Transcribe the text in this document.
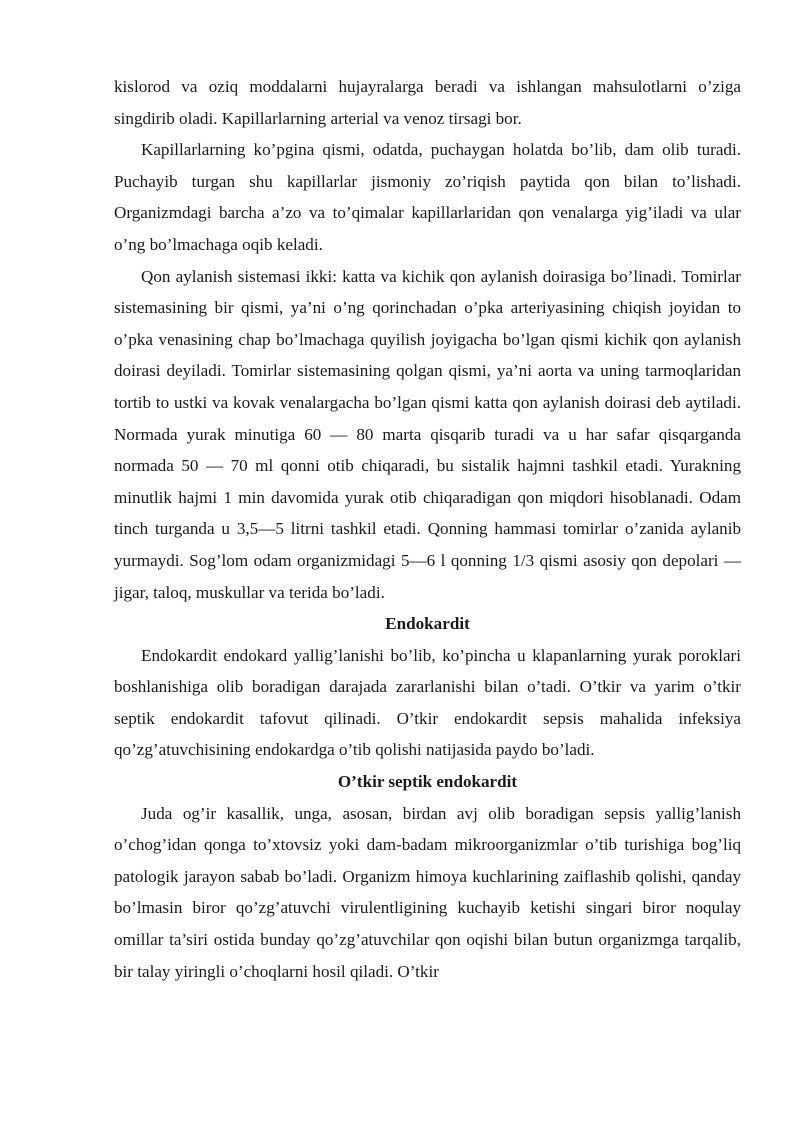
kislorod va oziq moddalarni hujayralarga beradi va ishlangan mahsulotlarni o’ziga singdirib oladi. Kapillarlarning arterial va venoz tirsagi bor.

Kapillarlarning ko’pgina qismi, odatda, puchaygan holatda bo’lib, dam olib turadi. Puchayib turgan shu kapillarlar jismoniy zo’riqish paytida qon bilan to’lishadi. Organizmdagi barcha a’zo va to’qimalar kapillarlaridan qon venalarga yig’iladi va ular o’ng bo’lmachaga oqib keladi.

Qon aylanish sistemasi ikki: katta va kichik qon aylanish doirasiga bo’linadi. Tomirlar sistemasining bir qismi, ya’ni o’ng qorinchadan o’pka arteriyasining chiqish joyidan to o’pka venasining chap bo’lmachaga quyilish joyigacha bo’lgan qismi kichik qon aylanish doirasi deyiladi. Tomirlar sistemasining qolgan qismi, ya’ni aorta va uning tarmoqlaridan tortib to ustki va kovak venalargacha bo’lgan qismi katta qon aylanish doirasi deb aytiladi. Normada yurak minutiga 60 — 80 marta qisqarib turadi va u har safar qisqarganda normada 50 — 70 ml qonni otib chiqaradi, bu sistalik hajmni tashkil etadi. Yurakning minutlik hajmi 1 min davomida yurak otib chiqaradigan qon miqdori hisoblanadi. Odam tinch turganda u 3,5—5 litrni tashkil etadi. Qonning hammasi tomirlar o’zanida aylanib yurmaydi. Sog’lom odam organizmidagi 5—6 l qonning 1/3 qismi asosiy qon depolari — jigar, taloq, muskullar va terida bo’ladi.

Endokardit

Endokardit endokard yallig’lanishi bo’lib, ko’pincha u klapanlarning yurak poroklari boshlanishiga olib boradigan darajada zararlanishi bilan o’tadi. O’tkir va yarim o’tkir septik endokardit tafovut qilinadi. O’tkir endokardit sepsis mahalida infeksiya qo’zg’atuvchisining endokardga o’tib qolishi natijasida paydo bo’ladi.

O’tkir septik endokardit

Juda og’ir kasallik, unga, asosan, birdan avj olib boradigan sepsis yallig’lanish o’chog’idan qonga to’xtovsiz yoki dam-badam mikroorganizmlar o’tib turishiga bog’liq patologik jarayon sabab bo’ladi. Organizm himoya kuchlarining zaiflashib qolishi, qanday bo’lmasin biror qo’zg’atuvchi virulentligining kuchayib ketishi singari biror noqulay omillar ta’siri ostida bunday qo’zg’atuvchilar qon oqishi bilan butun organizmga tarqalib, bir talay yiringli o’choqlarni hosil qiladi. O’tkir
